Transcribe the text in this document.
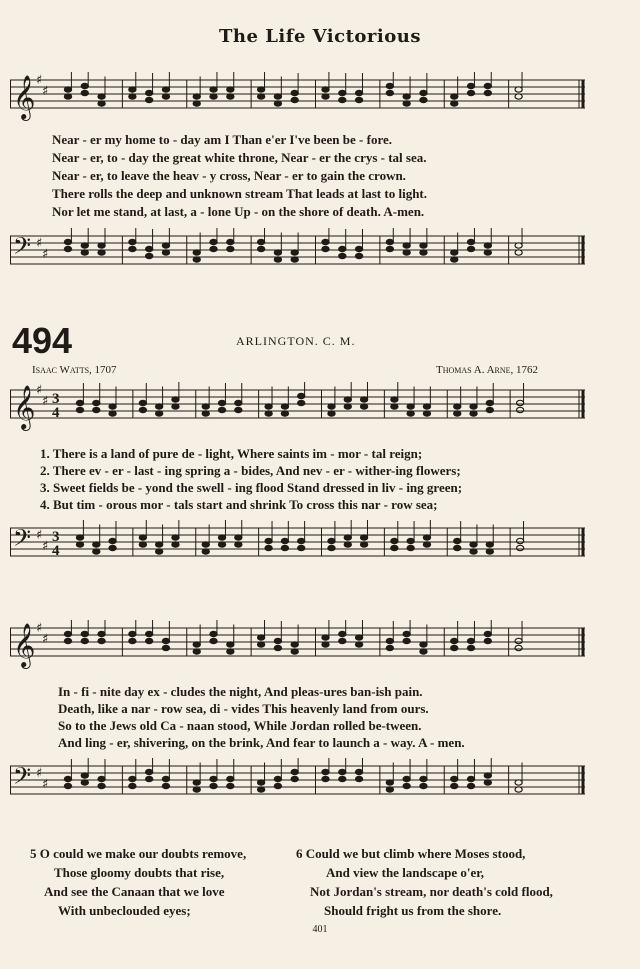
The Life Victorious
𝄞 ♯
♯
Near - er my home to - day am I Than e'er I've been be - fore.
Near - er, to - day the great white throne, Near - er the crys - tal sea.
Near - er, to leave the heav - y cross, Near - er to gain the crown.
There rolls the deep and unknown stream That leads at last to light.
Nor let me stand, at last, a - lone Up - on the shore of death. A-men.
𝄢 ♯
♯
494	ARLINGTON. C. M.
Isaac Watts, 1707	Thomas A. Arne, 1762
𝄞 ♯
♯ 3
4
1. There is a land of pure de - light, Where saints im - mor - tal reign;
2. There ev - er - last - ing spring a - bides, And nev - er - wither-ing flowers;
3. Sweet fields be - yond the swell - ing flood Stand dressed in liv - ing green;
4. But tim - orous mor - tals start and shrink To cross this nar - row sea;
𝄢 ♯
♯
3
4
𝄞 ♯
♯
In - fi - nite day ex - cludes the night, And pleas-ures ban-ish pain.
Death, like a nar - row sea, di - vides This heavenly land from ours.
So to the Jews old Ca - naan stood, While Jordan rolled be-tween.
And ling - er, shivering, on the brink, And fear to launch a - way. A - men.
𝄢 ♯
♯
5 O could we make our doubts remove,
Those gloomy doubts that rise,
And see the Canaan that we love
With unbeclouded eyes;
6 Could we but climb where Moses stood,
And view the landscape o'er,
Not Jordan's stream, nor death's cold flood,
Should fright us from the shore.
401
